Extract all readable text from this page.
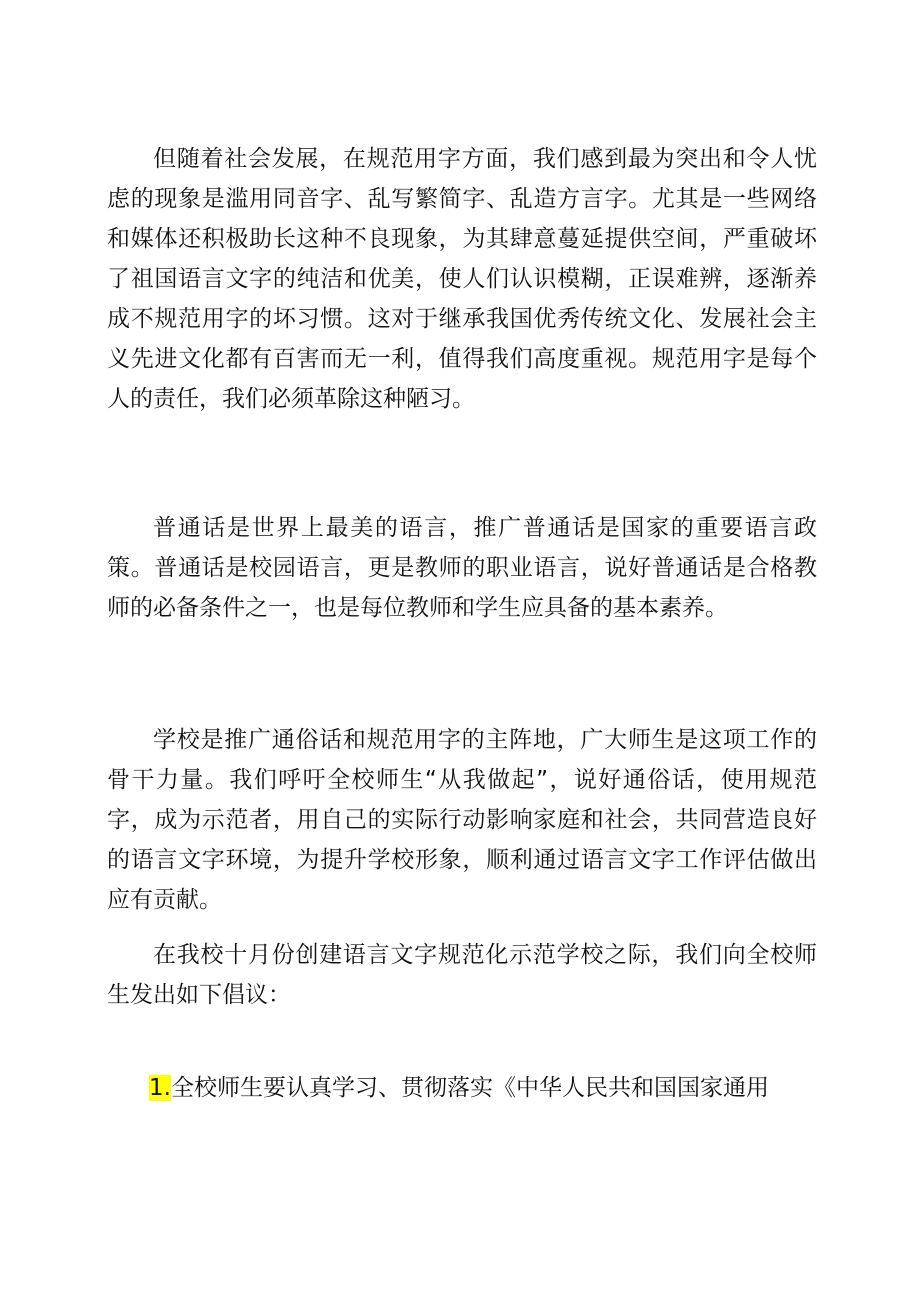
但随着社会发展，在规范用字方面，我们感到最为突出和令人忧虑的现象是滥用同音字、乱写繁简字、乱造方言字。尤其是一些网络和媒体还积极助长这种不良现象，为其肆意蔓延提供空间，严重破坏了祖国语言文字的纯洁和优美，使人们认识模糊，正误难辨，逐渐养成不规范用字的坏习惯。这对于继承我国优秀传统文化、发展社会主义先进文化都有百害而无一利，值得我们高度重视。规范用字是每个人的责任，我们必须革除这种陋习。

普通话是世界上最美的语言，推广普通话是国家的重要语言政策。普通话是校园语言，更是教师的职业语言，说好普通话是合格教师的必备条件之一，也是每位教师和学生应具备的基本素养。

学校是推广通俗话和规范用字的主阵地，广大师生是这项工作的骨干力量。我们呼吁全校师生“从我做起”，说好通俗话，使用规范字，成为示范者，用自己的实际行动影响家庭和社会，共同营造良好的语言文字环境，为提升学校形象，顺利通过语言文字工作评估做出应有贡献。

在我校十月份创建语言文字规范化示范学校之际，我们向全校师生发出如下倡议：

1.全校师生要认真学习、贯彻落实《中华人民共和国国家通用
